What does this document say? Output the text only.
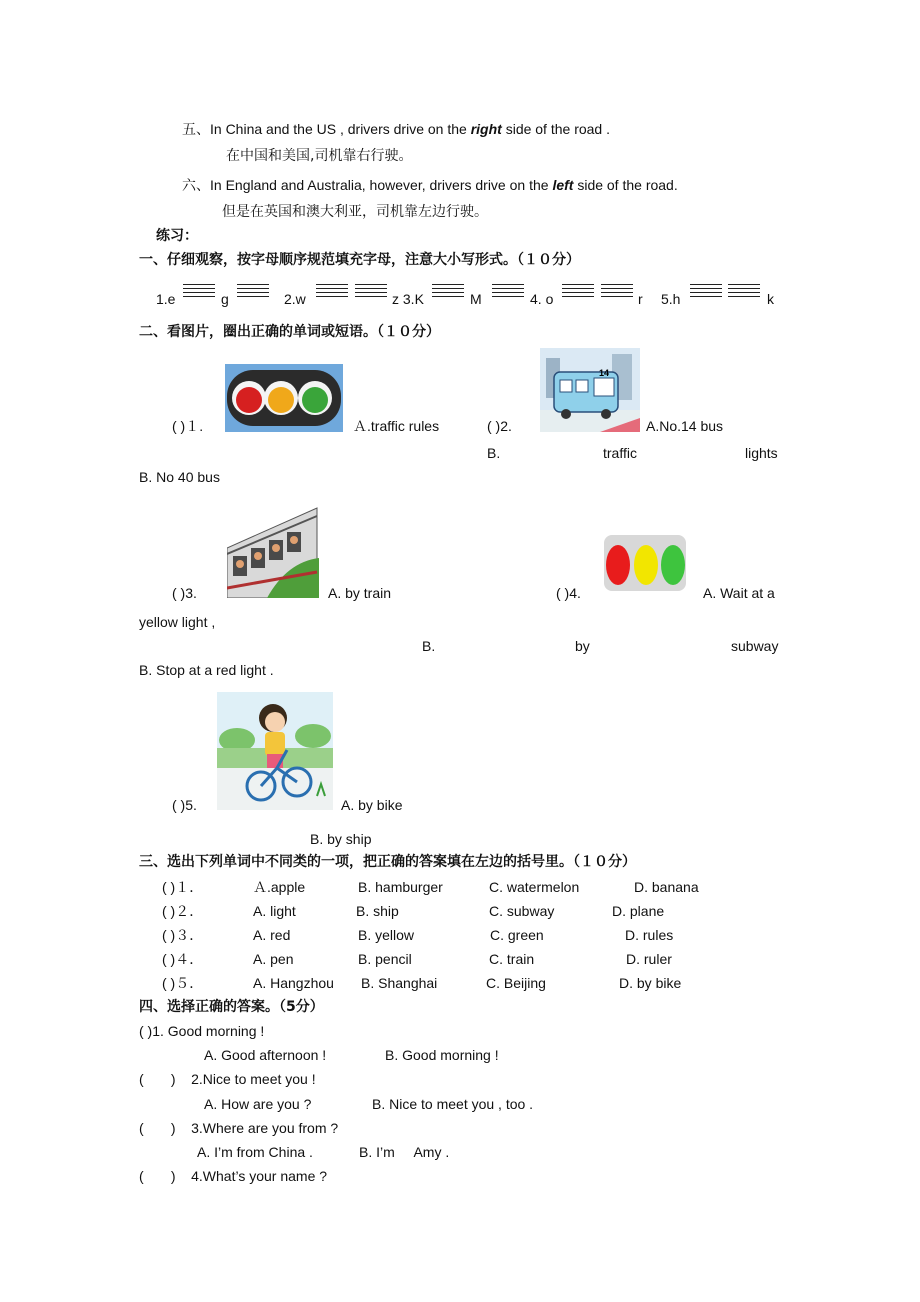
五、In China and the US , drivers drive on the right side of the road .
在中国和美国,司机靠右行驶。
六、In England and Australia, however, drivers drive on the left side of the road.
但是在英国和澳大利亚，司机靠左边行驶。
练习：
一、仔细观察，按字母顺序规范填充字母，注意大小写形式。（１０分）
1.e	g	2.w	z 3.K	M	4. o	r 5.h	k
二、看图片，圈出正确的单词或短语。（１０分）
( )１.	Ａ.traffic rules
14
( )2.	A.No.14 bus
B.	traffic	lights
B. No 40 bus
( )3.	A. by train	( )4.	A. Wait at a
yellow light ,
B.	by	subway
B. Stop at a red light .
( )5.	A. by bike
B. by ship
三、选出下列单词中不同类的一项，把正确的答案填在左边的括号里。（１０分）
( )１．	Ａ.apple	B. hamburger	C. watermelon	D. banana
( )２．	A. light	B. ship	C. subway	D. plane
( )３．	A. red	B. yellow	C. green	D. rules
( )４．	A. pen	B. pencil	C. train	D. ruler
( )５．	A. Hangzhou B. Shanghai	C. Beijing	D. by bike
四、选择正确的答案。（5分）
( )1. Good morning !
A. Good afternoon !	B. Good morning !
(       )    2.Nice to meet you !
A. How are you ?	B. Nice to meet you , too .
(       )    3.Where are you from ?
A. I’m from China .	B. I’m     Amy .
(       )    4.What’s your name ?
